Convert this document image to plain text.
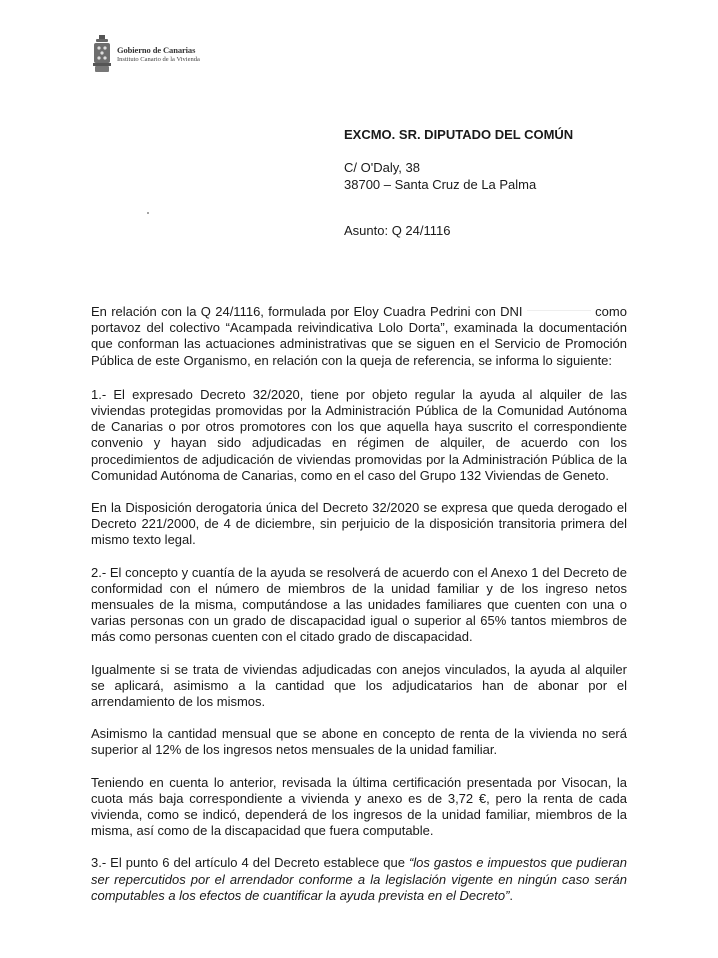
Gobierno de Canarias
Instituto Canario de la Vivienda
EXCMO. SR. DIPUTADO DEL COMÚN
C/ O'Daly, 38
38700 – Santa Cruz de La Palma
Asunto: Q 24/1116

En relación con la Q 24/1116, formulada por Eloy Cuadra Pedrini con DNI	como portavoz del colectivo “Acampada reivindicativa Lolo Dorta”, examinada la documentación que conforman las actuaciones administrativas que se siguen en el Servicio de Promoción Pública de este Organismo, en relación con la queja de referencia, se informa lo siguiente:

1.- El expresado Decreto 32/2020, tiene por objeto regular la ayuda al alquiler de las viviendas protegidas promovidas por la Administración Pública de la Comunidad Autónoma de Canarias o por otros promotores con los que aquella haya suscrito el correspondiente convenio y hayan sido adjudicadas en régimen de alquiler, de acuerdo con los procedimientos de adjudicación de viviendas promovidas por la Administración Pública de la Comunidad Autónoma de Canarias, como en el caso del Grupo 132 Viviendas de Geneto.

En la Disposición derogatoria única del Decreto 32/2020 se expresa que queda derogado el Decreto 221/2000, de 4 de diciembre, sin perjuicio de la disposición transitoria primera del mismo texto legal.

2.- El concepto y cuantía de la ayuda se resolverá de acuerdo con el Anexo 1 del Decreto de conformidad con el número de miembros de la unidad familiar y de los ingreso netos mensuales de la misma, computándose a las unidades familiares que cuenten con una o varias personas con un grado de discapacidad igual o superior al 65% tantos miembros de más como personas cuenten con el citado grado de discapacidad.

Igualmente si se trata de viviendas adjudicadas con anejos vinculados, la ayuda al alquiler se aplicará, asimismo a la cantidad que los adjudicatarios han de abonar por el arrendamiento de los mismos.

Asimismo la cantidad mensual que se abone en concepto de renta de la vivienda no será superior al 12% de los ingresos netos mensuales de la unidad familiar.

Teniendo en cuenta lo anterior, revisada la última certificación presentada por Visocan, la cuota más baja correspondiente a vivienda y anexo es de 3,72 €, pero la renta de cada vivienda, como se indicó, dependerá de los ingresos de la unidad familiar, miembros de la misma, así como de la discapacidad que fuera computable.

3.- El punto 6 del artículo 4 del Decreto establece que “los gastos e impuestos que pudieran ser repercutidos por el arrendador conforme a la legislación vigente en ningún caso serán computables a los efectos de cuantificar la ayuda prevista en el Decreto”.
